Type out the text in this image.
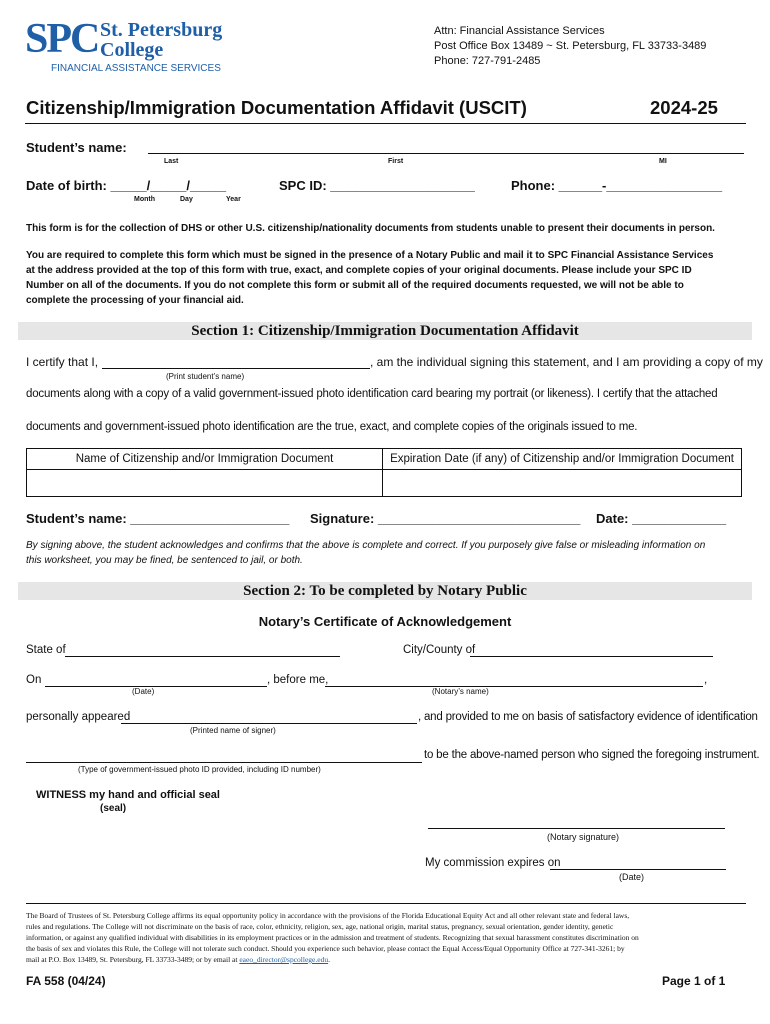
SPC St. Petersburg
College
FINANCIAL ASSISTANCE SERVICES
Attn: Financial Assistance Services
Post Office Box 13489 ~ St. Petersburg, FL 33733-3489
Phone: 727-791-2485
Citizenship/Immigration Documentation Affidavit (USCIT)	2024-25
Student’s name:
Last	First	MI
Date of birth: _____/_____/_____
Month	Day	Year
SPC ID: ____________________	Phone: ______-________________
This form is for the collection of DHS or other U.S. citizenship/nationality documents from students unable to present their documents in person.
You are required to complete this form which must be signed in the presence of a Notary Public and mail it to SPC Financial Assistance Services
at the address provided at the top of this form with true, exact, and complete copies of your original documents. Please include your SPC ID
Number on all of the documents. If you do not complete this form or submit all of the required documents requested, we will not be able to
complete the processing of your financial aid.
Section 1: Citizenship/Immigration Documentation Affidavit
I certify that I,	, am the individual signing this statement, and I am providing a copy of my
(Print student’s name)
documents along with a copy of a valid government-issued photo identification card bearing my portrait (or likeness). I certify that the attached
documents and government-issued photo identification are the true, exact, and complete copies of the originals issued to me.
Name of Citizenship and/or Immigration Document	Expiration Date (if any) of Citizenship and/or Immigration Document

Student’s name: ______________________ Signature: ____________________________ Date: _____________
By signing above, the student acknowledges and confirms that the above is complete and correct. If you purposely give false or misleading information on
this worksheet, you may be fined, be sentenced to jail, or both.
Section 2: To be completed by Notary Public
Notary’s Certificate of Acknowledgement
State of	City/County of
On	, before me,	,
(Date)	(Notary’s name)
personally appeared	, and provided to me on basis of satisfactory evidence of identification
(Printed name of signer)
to be the above-named person who signed the foregoing instrument.
(Type of government-issued photo ID provided, including ID number)
WITNESS my hand and official seal
(seal)
(Notary signature)
My commission expires on
(Date)
The Board of Trustees of St. Petersburg College affirms its equal opportunity policy in accordance with the provisions of the Florida Educational Equity Act and all other relevant state and federal laws,
rules and regulations. The College will not discriminate on the basis of race, color, ethnicity, religion, sex, age, national origin, marital status, pregnancy, sexual orientation, gender identity, genetic
information, or against any qualified individual with disabilities in its employment practices or in the admission and treatment of students. Recognizing that sexual harassment constitutes discrimination on
the basis of sex and violates this Rule, the College will not tolerate such conduct. Should you experience such behavior, please contact the Equal Access/Equal Opportunity Office at 727-341-3261; by
mail at P.O. Box 13489, St. Petersburg, FL 33733-3489; or by email at eaeo_director@spcollege.edu.
FA 558 (04/24)	Page 1 of 1
